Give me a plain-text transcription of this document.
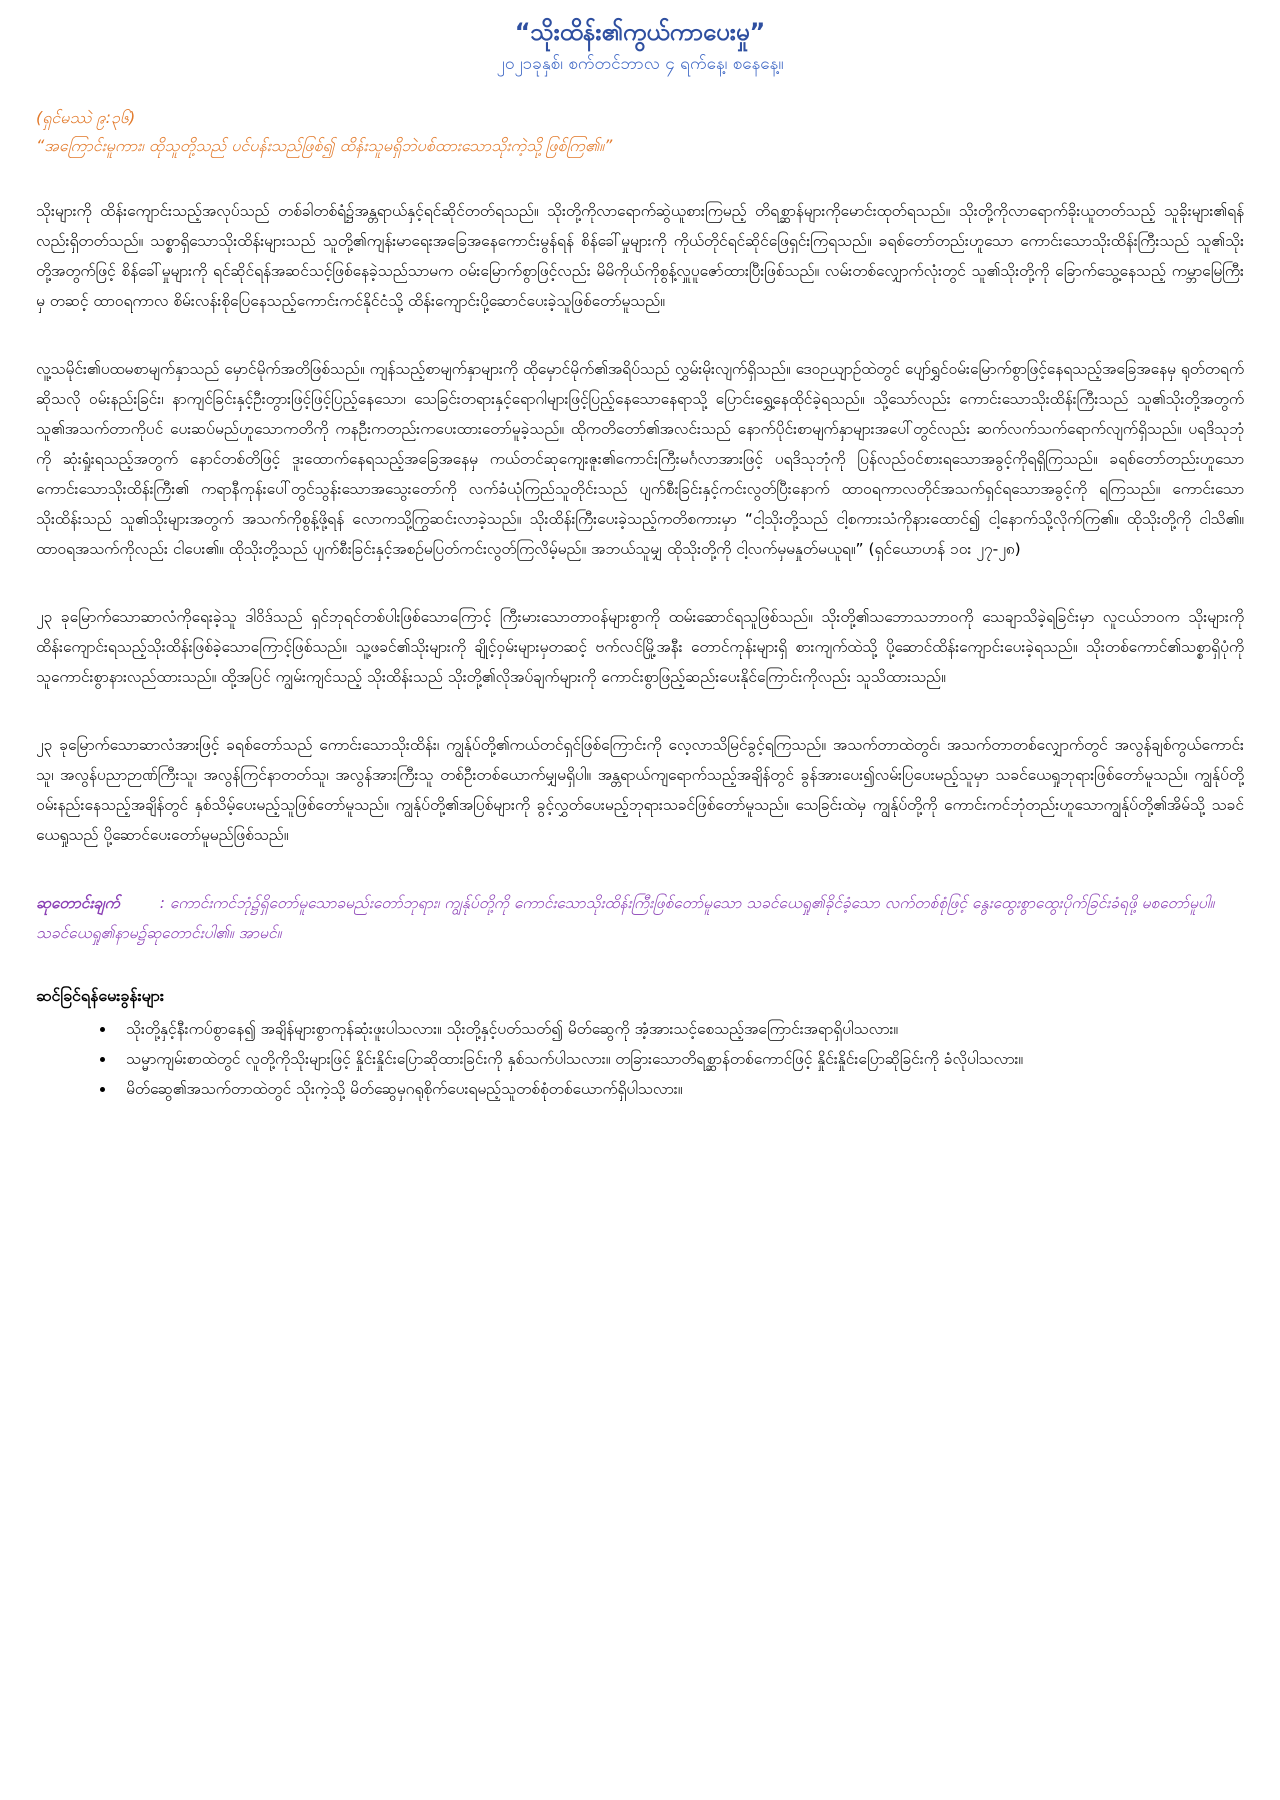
“သိုးထိန်း၏ကွယ်ကာပေးမှု”

၂၀၂၁ခုနှစ်၊ စက်တင်ဘာလ ၄ ရက်နေ့၊ စနေနေ့။

(ရှင်မဿဲ ၉:၃၆)

“အကြောင်းမူကား၊ ထိုသူတို့သည် ပင်ပန်းသည်ဖြစ်၍ ထိန်းသူမရှိဘဲပစ်ထားသောသိုးကဲ့သို့ဖြစ်ကြ၏။”

သိုးများကို ထိန်းကျောင်းသည့်အလုပ်သည် တစ်ခါတစ်ရံ၌အန္တရာယ်နှင့်ရင်ဆိုင်တတ်ရသည်။ သိုးတို့ကိုလာရောက်ဆွဲယူစားကြမည့် တိရစ္ဆာန်များကိုမောင်းထုတ်ရသည်။ သိုးတို့ကိုလာရောက်ခိုးယူတတ်သည့် သူခိုးများ၏ရန်လည်းရှိတတ်သည်။ သစ္စာရှိသောသိုးထိန်းများသည် သူတို့၏ကျန်းမာရေးအခြေအနေကောင်းမွန်ရန် စိန်ခေါ်မှုများကို ကိုယ်တိုင်ရင်ဆိုင်ဖြေရှင်းကြရသည်။ ခရစ်တော်တည်းဟူသော ကောင်းသောသိုးထိန်းကြီးသည် သူ၏သိုးတို့အတွက်ဖြင့် စိန်ခေါ်မှုများကို ရင်ဆိုင်ရန်အဆင်သင့်ဖြစ်နေခဲ့သည်သာမက ဝမ်းမြောက်စွာဖြင့်လည်း မိမိကိုယ်ကိုစွန့်လှူပူဇော်ထားပြီးဖြစ်သည်။ လမ်းတစ်လျှောက်လုံးတွင် သူ၏သိုးတို့ကို ခြောက်သွေ့နေသည့် ကမ္ဘာမြေကြီးမှ တဆင့် ထာဝရကာလ စိမ်းလန်းစိုပြေနေသည့်ကောင်းကင်နိုင်ငံသို့ ထိန်းကျောင်းပို့ဆောင်ပေးခဲ့သူဖြစ်တော်မူသည်။

လူ့သမိုင်း၏ပထမစာမျက်နှာသည် မှောင်မိုက်အတိဖြစ်သည်။ ကျန်သည့်စာမျက်နှာများကို ထိုမှောင်မိုက်၏အရိပ်သည် လွှမ်းမိုးလျက်ရှိသည်။ ဒေဝဉယျာဉ်ထဲတွင် ပျော်ရွှင်ဝမ်းမြောက်စွာဖြင့်နေရသည့်အခြေအနေမှ ရုတ်တရက်ဆိုသလို ဝမ်းနည်းခြင်း၊ နာကျင်ခြင်းနှင့်ဦးတွားဖြင့်ဖြင့်ပြည့်နေသော၊ သေခြင်းတရားနှင့်ရောဂါများဖြင့်ပြည့်နေသောနေရာသို့ ပြောင်းရွှေ့နေထိုင်ခဲ့ရသည်။ သို့သော်လည်း ကောင်းသောသိုးထိန်းကြီးသည် သူ၏သိုးတို့အတွက် သူ၏အသက်တာကိုပင် ပေးဆပ်မည်ဟူသောကတိကို ကနဦးကတည်းကပေးထားတော်မူခဲ့သည်။ ထိုကတိတော်၏အလင်းသည် နောက်ပိုင်းစာမျက်နှာများအပေါ်တွင်လည်း ဆက်လက်သက်ရောက်လျက်ရှိသည်။ ပရဒိသုဘုံကို ဆုံးရှုံးရသည့်အတွက် နောင်တစ်တိဖြင့် ဒူးထောက်နေရသည့်အခြေအနေမှ ကယ်တင်ဆုကျေးဇူး၏ကောင်းကြီးမင်္ဂလာအားဖြင့် ပရဒိသုဘုံကို ပြန်လည်ဝင်စားရသောအခွင့်ကိုရရှိကြသည်။ ခရစ်တော်တည်းဟူသောကောင်းသောသိုးထိန်းကြီး၏ ကရာနီကုန်းပေါ်တွင်သွန်းသောအသွေးတော်ကို လက်ခံယုံကြည်သူတိုင်းသည် ပျက်စီးခြင်းနှင့်ကင်းလွတ်ပြီးနောက် ထာဝရကာလတိုင်အသက်ရှင်ရသောအခွင့်ကို ရကြသည်။ ကောင်းသောသိုးထိန်းသည် သူ၏သိုးများအတွက် အသက်ကိုစွန့်ဖို့ရန် လောကသို့ကြွဆင်းလာခဲ့သည်။ သိုးထိန်းကြီးပေးခဲ့သည့်ကတိစကားမှာ “ငါ့သိုးတို့သည် ငါ့စကားသံကိုနားထောင်၍ ငါ့နောက်သို့လိုက်ကြ၏။ ထိုသိုးတို့ကို ငါသိ၏။ ထာဝရအသက်ကိုလည်း ငါပေး၏။ ထိုသိုးတို့သည် ပျက်စီးခြင်းနှင့်အစဉ်မပြတ်ကင်းလွတ်ကြလိမ့်မည်။ အဘယ်သူမျှ ထိုသိုးတို့ကို ငါ့လက်မှမနှုတ်မယူရ။” (ရှင်ယောဟန် ၁၀း ၂၇-၂၈)

၂၃ ခုမြောက်သောဆာလံကိုရေးခဲ့သူ ဒါဝိဒ်သည် ရှင်ဘုရင်တစ်ပါးဖြစ်သောကြောင့် ကြီးမားသောတာဝန်များစွာကို ထမ်းဆောင်ရသူဖြစ်သည်။ သိုးတို့၏သဘောသဘာဝကို သေချာသိခဲ့ရခြင်းမှာ လူငယ်ဘဝက သိုးများကို ထိန်းကျောင်းရသည့်သိုးထိန်းဖြစ်ခဲ့သောကြောင့်ဖြစ်သည်။ သူ့ဖခင်၏သိုးများကို ချိုင့်ဝှမ်းများမှတဆင့် ဗက်လင်မြို့အနီး တောင်ကုန်းများရှိ စားကျက်ထဲသို့ ပို့ဆောင်ထိန်းကျောင်းပေးခဲ့ရသည်။ သိုးတစ်ကောင်၏သစ္စာရှိပုံကို သူကောင်းစွာနားလည်ထားသည်။ ထို့အပြင် ကျွမ်းကျင်သည့် သိုးထိန်းသည် သိုးတို့၏လိုအပ်ချက်များကို ကောင်းစွာဖြည့်ဆည်းပေးနိုင်ကြောင်းကိုလည်း သူသိထားသည်။

၂၃ ခုမြောက်သောဆာလံအားဖြင့် ခရစ်တော်သည် ကောင်းသောသိုးထိန်း၊ ကျွန်ုပ်တို့၏ကယ်တင်ရှင်ဖြစ်ကြောင်းကို လေ့လာသိမြင်ခွင့်ရကြသည်။ အသက်တာထဲတွင်၊ အသက်တာတစ်လျှောက်တွင် အလွန်ချစ်ကွယ်ကောင်းသူ၊ အလွန်ပညာဉာဏ်ကြီးသူ၊ အလွန်ကြင်နာတတ်သူ၊ အလွန်အားကြီးသူ တစ်ဦးတစ်ယောက်မျှမရှိပါ။ အန္တရာယ်ကျရောက်သည့်အချိန်တွင် ခွန်အားပေး၍လမ်းပြပေးမည့်သူမှာ သခင်ယေရှုဘုရားဖြစ်တော်မူသည်။ ကျွန်ုပ်တို့ဝမ်းနည်းနေသည့်အချိန်တွင် နှစ်သိမ့်ပေးမည့်သူဖြစ်တော်မူသည်။ ကျွန်ုပ်တို့၏အပြစ်များကို ခွင့်လွှတ်ပေးမည့်ဘုရားသခင်ဖြစ်တော်မူသည်။ သေခြင်းထဲမှ ကျွန်ုပ်တို့ကို ကောင်းကင်ဘုံတည်းဟူသောကျွန်ုပ်တို့၏အိမ်သို့ သခင်ယေရှုသည် ပို့ဆောင်ပေးတော်မူမည်ဖြစ်သည်။

ဆုတောင်းချက်	: ကောင်းကင်ဘုံ၌ရှိတော်မူသောခမည်းတော်ဘုရား၊ ကျွန်ုပ်တို့ကို ကောင်းသောသိုးထိန်းကြီးဖြစ်တော်မူသော သခင်ယေရှု၏ခိုင်ခံ့သော လက်တစ်စုံဖြင့် နွေးထွေးစွာထွေးပိုက်ခြင်းခံရဖို့ မစတော်မူပါ။ သခင်ယေရှု၏နာမ၌ဆုတောင်းပါ၏။ အာမင်။

ဆင်ခြင်ရန်မေးခွန်းများ

• သိုးတို့နှင့်နီးကပ်စွာနေ၍ အချိန်များစွာကုန်ဆုံးဖူးပါသလား။ သိုးတို့နှင့်ပတ်သတ်၍ မိတ်ဆွေကို အံ့အားသင့်စေသည့်အကြောင်းအရာရှိပါသလား။
• သမ္မာကျမ်းစာထဲတွင် လူတို့ကိုသိုးများဖြင့် နှိုင်းနှိုင်းပြောဆိုထားခြင်းကို နှစ်သက်ပါသလား။ တခြားသောတိရစ္ဆာန်တစ်ကောင်ဖြင့် နှိုင်းနှိုင်းပြောဆိုခြင်းကို ခံလိုပါသလား။
• မိတ်ဆွေ၏အသက်တာထဲတွင် သိုးကဲ့သို့ မိတ်ဆွေမှဂရုစိုက်ပေးရမည့်သူတစ်စုံတစ်ယောက်ရှိပါသလား။
